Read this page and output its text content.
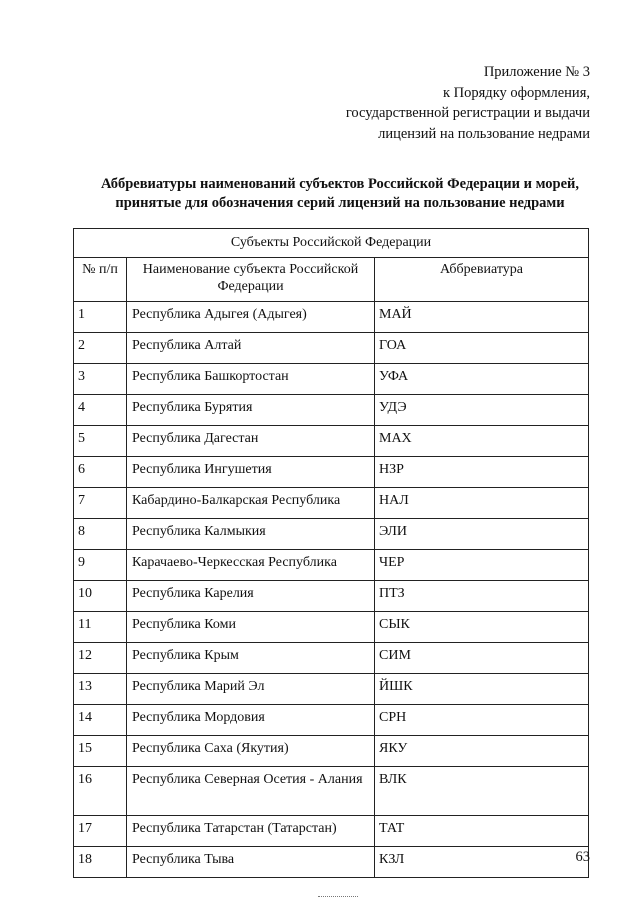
Приложение № 3
к Порядку оформления,
государственной регистрации и выдачи
лицензий на пользование недрами
Аббревиатуры наименований субъектов Российской Федерации и морей,
принятые для обозначения серий лицензий на пользование недрами
Субъекты Российской Федерации		
№ п/п	Наименование субъекта Российской Федерации	Аббревиатура
1	Республика Адыгея (Адыгея)	МАЙ
2	Республика Алтай	ГОА
3	Республика Башкортостан	УФА
4	Республика Бурятия	УДЭ
5	Республика Дагестан	МАХ
6	Республика Ингушетия	НЗР
7	Кабардино-Балкарская Республика	НАЛ
8	Республика Калмыкия	ЭЛИ
9	Карачаево-Черкесская Республика	ЧЕР
10	Республика Карелия	ПТЗ
11	Республика Коми	СЫК
12	Республика Крым	СИМ
13	Республика Марий Эл	ЙШК
14	Республика Мордовия	СРН
15	Республика Саха (Якутия)	ЯКУ
16	Республика Северная Осетия - Алания	ВЛК
17	Республика Татарстан (Татарстан)	ТАТ
18	Республика Тыва	КЗЛ	63
